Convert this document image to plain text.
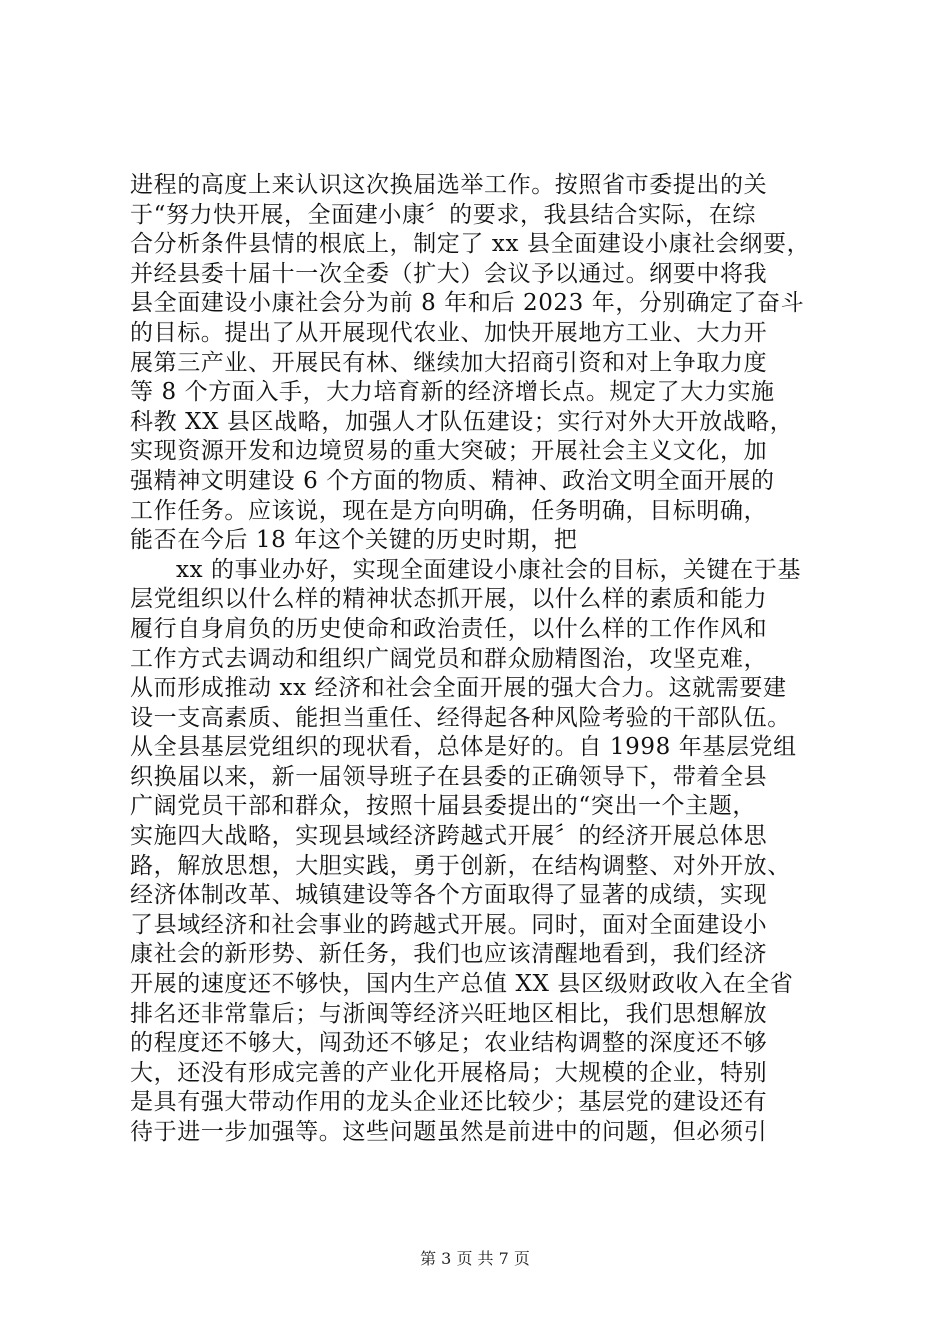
进程的高度上来认识这次换届选举工作。按照省市委提出的关
于“努力快开展，全面建小康〞的要求，我县结合实际，在综
合分析条件县情的根底上，制定了 xx 县全面建设小康社会纲要，
并经县委十届十一次全委（扩大）会议予以通过。纲要中将我
县全面建设小康社会分为前 8 年和后 2023 年，分别确定了奋斗
的目标。提出了从开展现代农业、加快开展地方工业、大力开
展第三产业、开展民有林、继续加大招商引资和对上争取力度
等 8 个方面入手，大力培育新的经济增长点。规定了大力实施
科教 XX 县区战略，加强人才队伍建设；实行对外大开放战略，
实现资源开发和边境贸易的重大突破；开展社会主义文化，加
强精神文明建设 6 个方面的物质、精神、政治文明全面开展的
工作任务。应该说，现在是方向明确，任务明确，目标明确，
能否在今后 18 年这个关键的历史时期，把
xx 的事业办好，实现全面建设小康社会的目标，关键在于基
层党组织以什么样的精神状态抓开展，以什么样的素质和能力
履行自身肩负的历史使命和政治责任，以什么样的工作作风和
工作方式去调动和组织广阔党员和群众励精图治，攻坚克难，
从而形成推动 xx 经济和社会全面开展的强大合力。这就需要建
设一支高素质、能担当重任、经得起各种风险考验的干部队伍。
从全县基层党组织的现状看，总体是好的。自 1998 年基层党组
织换届以来，新一届领导班子在县委的正确领导下，带着全县
广阔党员干部和群众，按照十届县委提出的“突出一个主题，
实施四大战略，实现县域经济跨越式开展〞的经济开展总体思
路，解放思想，大胆实践，勇于创新，在结构调整、对外开放、
经济体制改革、城镇建设等各个方面取得了显著的成绩，实现
了县域经济和社会事业的跨越式开展。同时，面对全面建设小
康社会的新形势、新任务，我们也应该清醒地看到，我们经济
开展的速度还不够快，国内生产总值 XX 县区级财政收入在全省
排名还非常靠后；与浙闽等经济兴旺地区相比，我们思想解放
的程度还不够大，闯劲还不够足；农业结构调整的深度还不够
大，还没有形成完善的产业化开展格局；大规模的企业，特别
是具有强大带动作用的龙头企业还比较少；基层党的建设还有
待于进一步加强等。这些问题虽然是前进中的问题，但必须引
第 3 页 共 7 页
